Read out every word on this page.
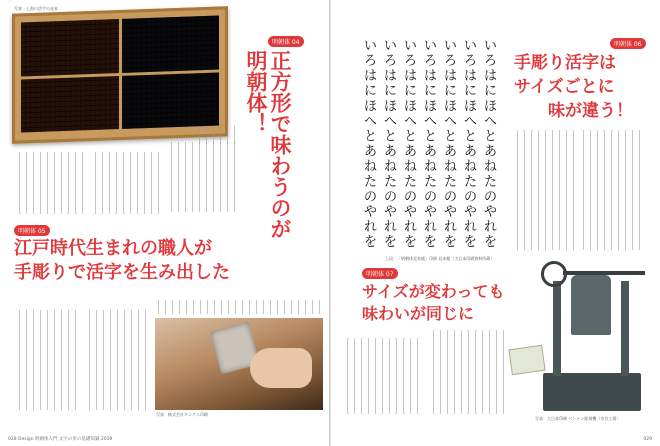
写真：上海の活字の見本
明朝体 04
正方形で味わうのが
明朝体！
明朝体 05
江戸時代生まれの職人が
手彫りで活字を生み出した
写真：株式会社キングス印刷
028 Design 明朝体入門 文字の形の基礎知識 2019	029
いろはにほへとあねたのやれを
いろはにほへとあねたのやれを
いろはにほへとあねたのやれを
いろはにほへとあねたのやれを
いろはにほへとあねたのやれを
いろはにほへとあねたのやれを
いろはにほへとあねたのやれを
上段：「明朝体見本帳」印刷 見本帳（大日本印刷資料所蔵）
明朝体 06
手彫り活字は
サイズごとに
味が違う！
明朝体 07
サイズが変わっても
味わいが同じに
写真：大日本印刷 ベントン彫刻機（市谷工場）
